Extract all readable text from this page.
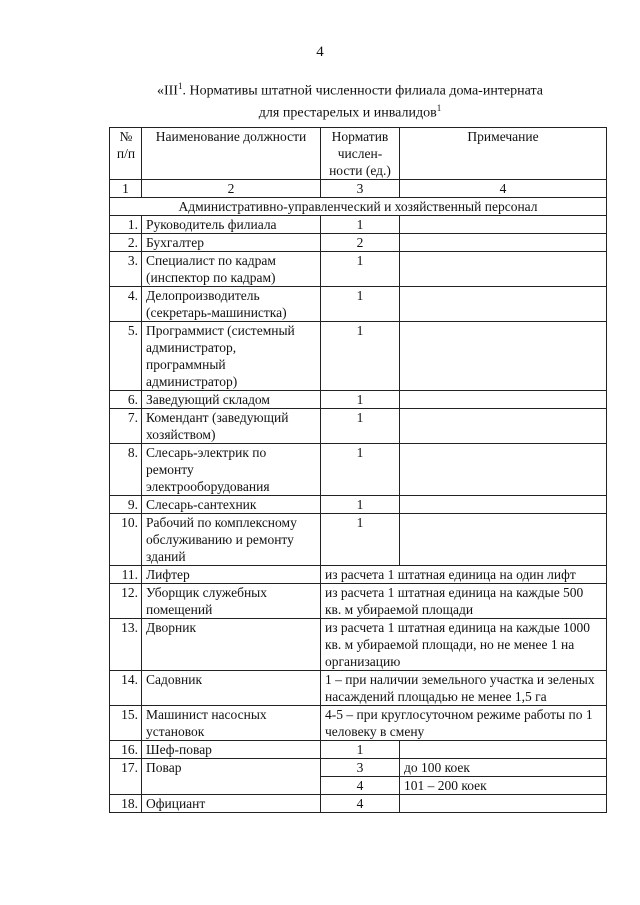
4
«III$^1$. Нормативы штатной численности филиала дома-интерната
для престарелых и инвалидов$^1$
№ п/п	Наименование должности	Норматив числен- ности (ед.)	Примечание
1	2	3	4
Административно-управленческий и хозяйственный персонал			
1.	Руководитель филиала	1	
2.	Бухгалтер	2	
3.	Специалист по кадрам (инспектор по кадрам)	1	
4.	Делопроизводитель (секретарь-машинистка)	1	
5.	Программист (системный администратор, программный администратор)	1	
6.	Заведующий складом	1	
7.	Комендант (заведующий хозяйством)	1	
8.	Слесарь-электрик по ремонту электрооборудования	1	
9.	Слесарь-сантехник	1	
10.	Рабочий по комплексному обслуживанию и ремонту зданий	1	
11.	Лифтер	из расчета 1 штатная единица на один лифт	
12.	Уборщик служебных помещений	из расчета 1 штатная единица на каждые 500 кв. м убираемой площади	
13.	Дворник	из расчета 1 штатная единица на каждые 1000 кв. м убираемой площади, но не менее 1 на организацию	
14.	Садовник	1 – при наличии земельного участка и зеленых насаждений площадью не менее 1,5 га	
15.	Машинист насосных установок	4-5 – при круглосуточном режиме работы по 1 человеку в смену	
16.	Шеф-повар	1	
17.	Повар	3	до 100 коек
		4	101 – 200 коек
18.	Официант	4	
